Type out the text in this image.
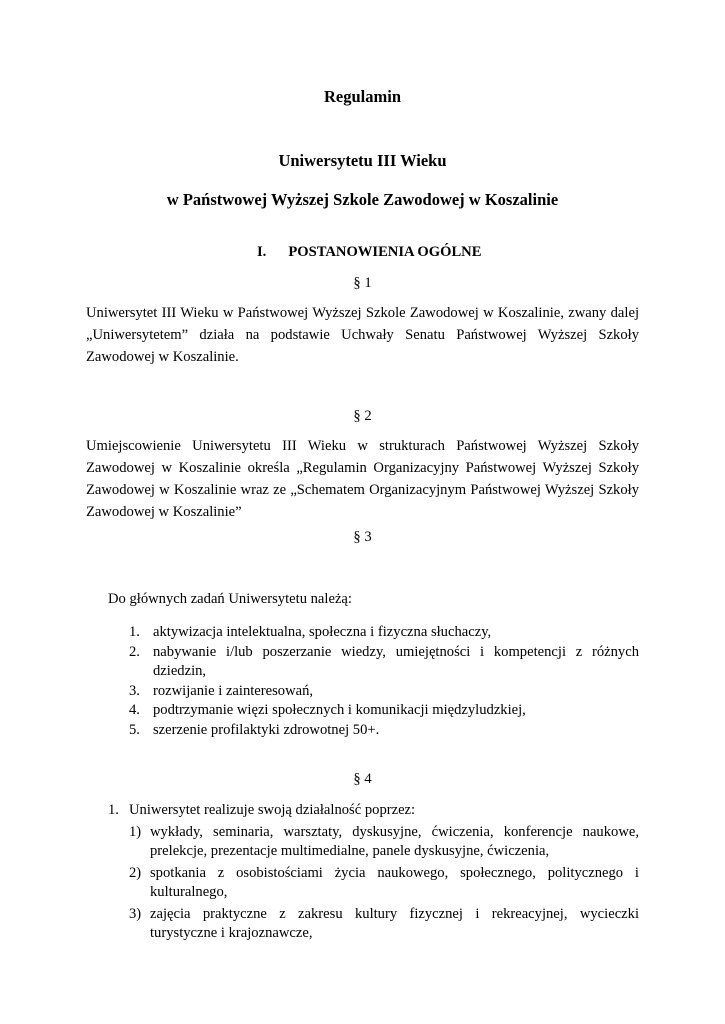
Regulamin
Uniwersytetu III Wieku
w Państwowej Wyższej Szkole Zawodowej w Koszalinie
I. POSTANOWIENIA OGÓLNE
§ 1
Uniwersytet III Wieku w Państwowej Wyższej Szkole Zawodowej w Koszalinie, zwany dalej „Uniwersytetem” działa na podstawie Uchwały Senatu Państwowej Wyższej Szkoły Zawodowej w Koszalinie.
§ 2
Umiejscowienie Uniwersytetu III Wieku w strukturach Państwowej Wyższej Szkoły Zawodowej w Koszalinie określa „Regulamin Organizacyjny Państwowej Wyższej Szkoły Zawodowej w Koszalinie wraz ze „Schematem Organizacyjnym Państwowej Wyższej Szkoły Zawodowej w Koszalinie”
§ 3
Do głównych zadań Uniwersytetu należą:
1. aktywizacja intelektualna, społeczna i fizyczna słuchaczy,
2. nabywanie i/lub poszerzanie wiedzy, umiejętności i kompetencji z różnych dziedzin,
3. rozwijanie i zainteresowań,
4. podtrzymanie więzi społecznych i komunikacji międzyludzkiej,
5. szerzenie profilaktyki zdrowotnej 50+.
§ 4
1. Uniwersytet realizuje swoją działalność poprzez:
1) wykłady, seminaria, warsztaty, dyskusyjne, ćwiczenia, konferencje naukowe, prelekcje, prezentacje multimedialne, panele dyskusyjne, ćwiczenia,
2) spotkania z osobistościami życia naukowego, społecznego, politycznego i kulturalnego,
3) zajęcia praktyczne z zakresu kultury fizycznej i rekreacyjnej, wycieczki turystyczne i krajoznawcze,
